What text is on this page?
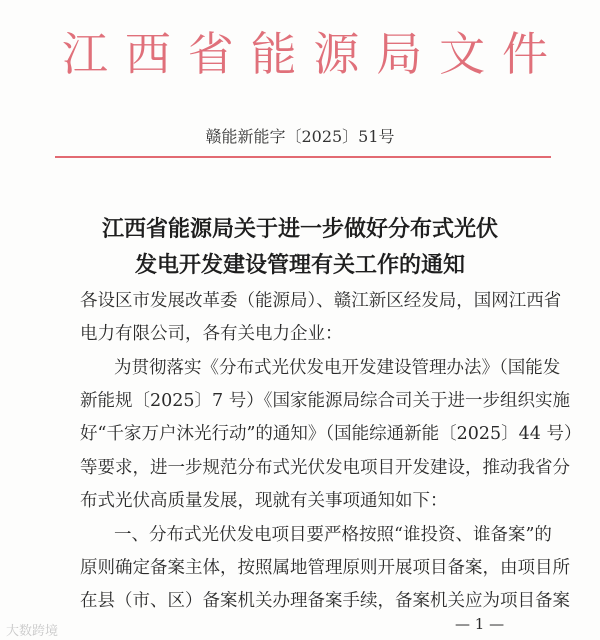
江西省能源局文件
赣能新能字〔2025〕51号
江西省能源局关于进一步做好分布式光伏
发电开发建设管理有关工作的通知
各设区市发展改革委（能源局）、赣江新区经发局，国网江西省
电力有限公司，各有关电力企业：
为贯彻落实《分布式光伏发电开发建设管理办法》（国能发
新能规〔2025〕7 号）《国家能源局综合司关于进一步组织实施
好“千家万户沐光行动”的通知》（国能综通新能〔2025〕44 号）
等要求，进一步规范分布式光伏发电项目开发建设，推动我省分
布式光伏高质量发展，现就有关事项通知如下：
一、分布式光伏发电项目要严格按照“谁投资、谁备案”的
原则确定备案主体，按照属地管理原则开展项目备案，由项目所
在县（市、区）备案机关办理备案手续，备案机关应为项目备案
— 1 —
大数跨境
